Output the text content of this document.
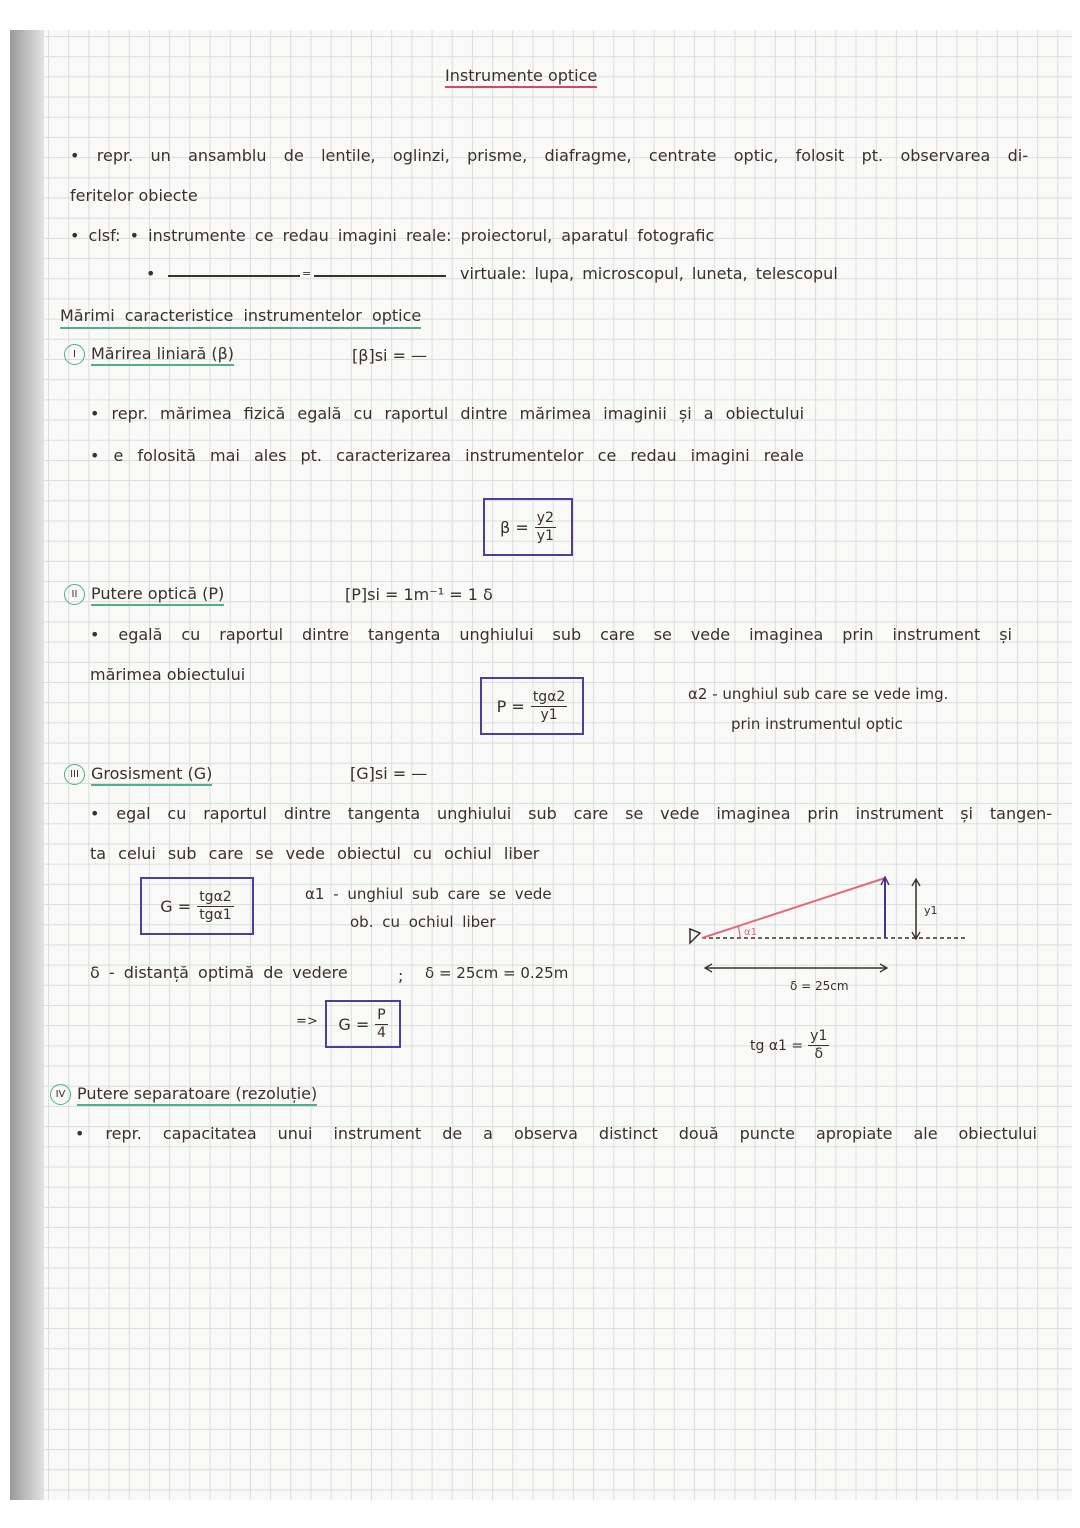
Instrumente optice
• repr. un ansamblu de lentile, oglinzi, prisme, diafragme, centrate optic, folosit pt. observarea di-
feritelor obiecte
• clsf: • instrumente ce redau imagini reale: proiectorul, aparatul fotografic
•	=	virtuale: lupa, microscopul, luneta, telescopul
Mărimi caracteristice instrumentelor optice
I Mărirea liniară (β)	[β]si = —
• repr. mărimea fizică egală cu raportul dintre mărimea imaginii și a obiectului
• e folosită mai ales pt. caracterizarea instrumentelor ce redau imagini reale
$\beta = \frac{y2}{y1}$
II Putere optică (P)	[P]si = 1m⁻¹ = 1 δ
• egală cu raportul dintre tangenta unghiului sub care se vede imaginea prin instrument și
mărimea obiectului
$P = \frac{\text{tgα2}}{y1}$	α2 - unghiul sub care se vede img.
prin instrumentul optic
III Grosisment (G)	[G]si = —
• egal cu raportul dintre tangenta unghiului sub care se vede imaginea prin instrument și tangen-
ta celui sub care se vede obiectul cu ochiul liber
$G = \frac{\text{tgα2}}{\text{tgα1}}$	α1 - unghiul sub care se vede
ob. cu ochiul liber
δ - distanță optimă de vedere	; δ = 25cm = 0.25m
=> $G = \frac{P}{4}$
α1
y1
δ = 25cm
tg $\alpha 1 = \frac{y1}{\delta}$
IV Putere separatoare (rezoluție)
• repr. capacitatea unui instrument de a observa distinct două puncte apropiate ale obiectului
